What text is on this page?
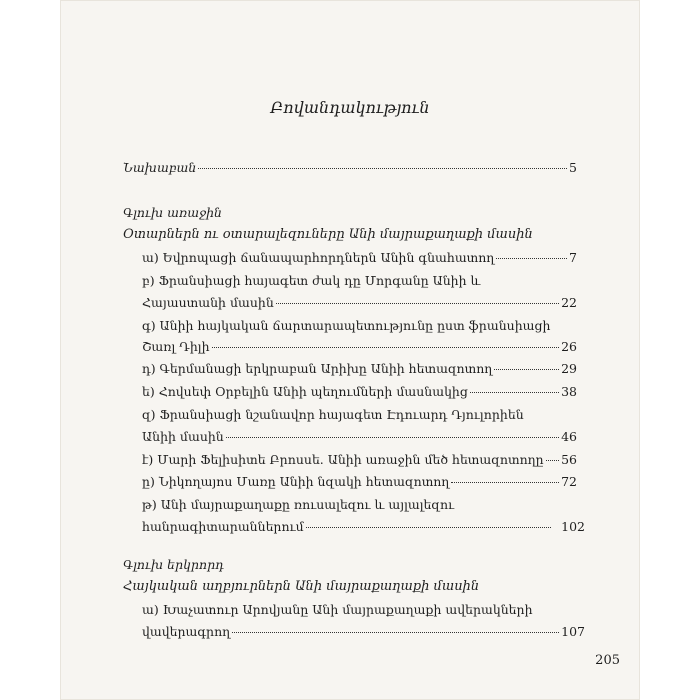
Բովանդակություն
Նախաբան	5
Գլուխ առաջին
Օտարներն ու օտարալեզուները Անի մայրաքաղաքի մասին
ա) Եվրոպացի ճանապարհորդներն Անին գնահատող	7
բ) Ֆրանսիացի հայագետ ժակ դը Մորգանը Անիի և
Հայաստանի մասին	22
գ) Անիի հայկական ճարտարապետությունը ըստ ֆրանսիացի
Շառլ Դիլի	26
դ) Գերմանացի երկրաբան Արիխը Անիի հետազոտող	29
ե) Հովսեփ Օրբելին Անիի պեղումների մասնակից	38
զ) Ֆրանսիացի նշանավոր հայագետ Էդուարդ Դյուլորիեն
Անիի մասին	46
է) Մարի Ֆելիսիտե Բրոսսե. Անիի առաջին մեծ հետազոտողը 56
ը) Նիկողայոս Մառը Անիի նզակի հետազոտող	72
թ) Անի մայրաքաղաքը ռուսալեզու և այլալեզու
հանրագիտարաններում	102
Գլուխ երկրորդ
Հայկական աղբյուրներն Անի մայրաքաղաքի մասին
ա) Խաչատուր Արովյանը Անի մայրաքաղաքի ավերակների
վավերագրող	107
205
